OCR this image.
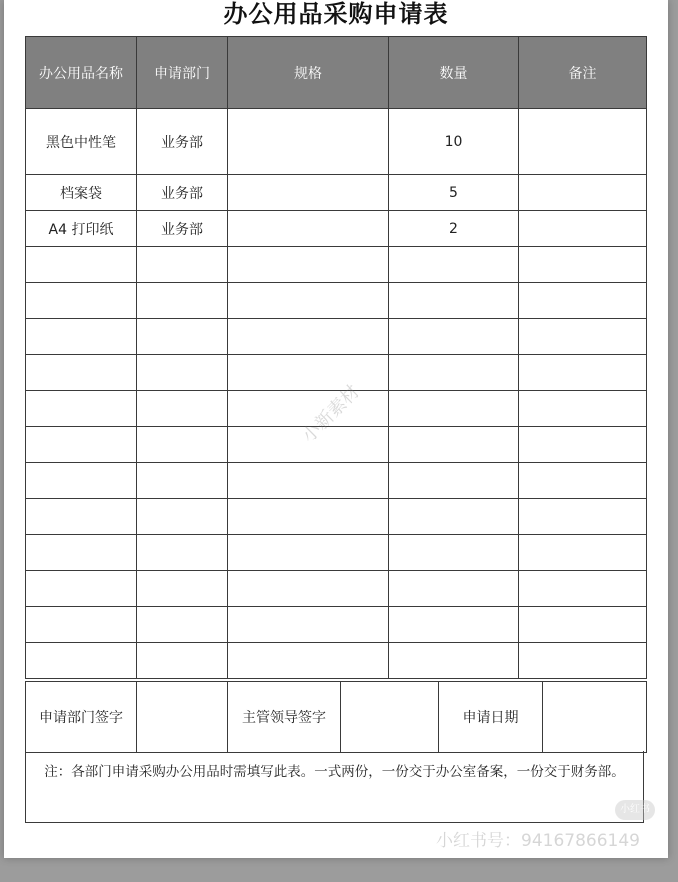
办公用品采购申请表
办公用品名称	申请部门	规格	数量	备注
黑色中性笔	业务部		10	
档案袋	业务部		5	
A4 打印纸	业务部		2	

申请部门签字		主管领导签字		申请日期	
注：各部门申请采购办公用品时需填写此表。一式两份，一份交于办公室备案，一份交于财务部。
小新素材
小红书
小红书号：941678661​49
